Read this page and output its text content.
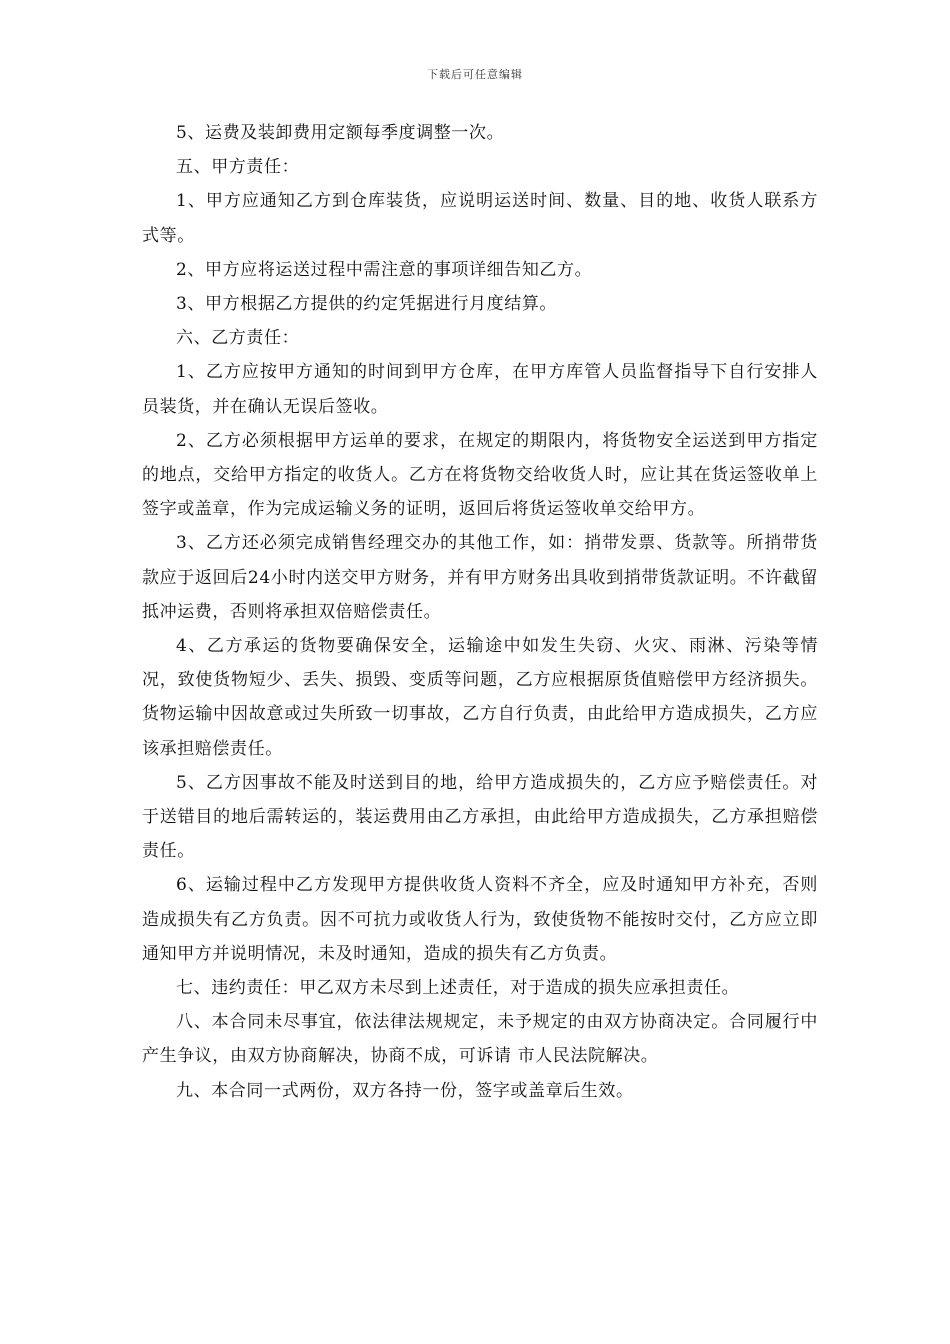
下载后可任意编辑

5、运费及装卸费用定额每季度调整一次。

五、甲方责任：

1、甲方应通知乙方到仓库装货，应说明运送时间、数量、目的地、收货人联系方式等。

2、甲方应将运送过程中需注意的事项详细告知乙方。

3、甲方根据乙方提供的约定凭据进行月度结算。

六、乙方责任：

1、乙方应按甲方通知的时间到甲方仓库，在甲方库管人员监督指导下自行安排人员装货，并在确认无误后签收。

2、乙方必须根据甲方运单的要求，在规定的期限内，将货物安全运送到甲方指定的地点，交给甲方指定的收货人。乙方在将货物交给收货人时，应让其在货运签收单上签字或盖章，作为完成运输义务的证明，返回后将货运签收单交给甲方。

3、乙方还必须完成销售经理交办的其他工作，如：捎带发票、货款等。所捎带货款应于返回后24小时内送交甲方财务，并有甲方财务出具收到捎带货款证明。不许截留抵冲运费，否则将承担双倍赔偿责任。

4、乙方承运的货物要确保安全，运输途中如发生失窃、火灾、雨淋、污染等情况，致使货物短少、丢失、损毁、变质等问题，乙方应根据原货值赔偿甲方经济损失。货物运输中因故意或过失所致一切事故，乙方自行负责，由此给甲方造成损失，乙方应该承担赔偿责任。

5、乙方因事故不能及时送到目的地，给甲方造成损失的，乙方应予赔偿责任。对于送错目的地后需转运的，装运费用由乙方承担，由此给甲方造成损失，乙方承担赔偿责任。

6、运输过程中乙方发现甲方提供收货人资料不齐全，应及时通知甲方补充，否则造成损失有乙方负责。因不可抗力或收货人行为，致使货物不能按时交付，乙方应立即通知甲方并说明情况，未及时通知，造成的损失有乙方负责。

七、违约责任：甲乙双方未尽到上述责任，对于造成的损失应承担责任。

八、本合同未尽事宜，依法律法规规定，未予规定的由双方协商决定。合同履行中产生争议，由双方协商解决，协商不成，可诉请 市人民法院解决。

九、本合同一式两份，双方各持一份，签字或盖章后生效。
